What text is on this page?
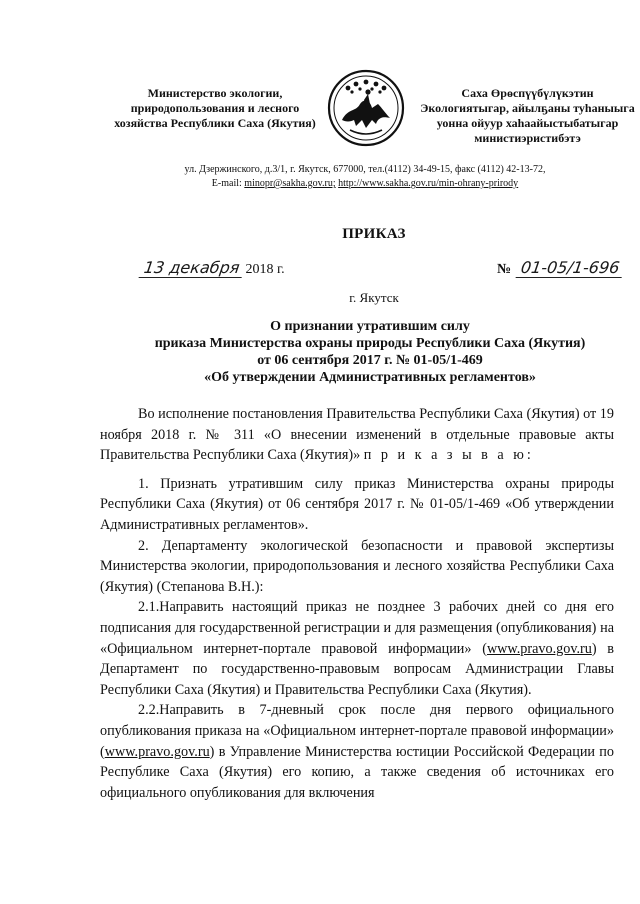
Министерство экологии,
природопользования и лесного
хозяйства Республики Саха (Якутия)
Саха Өрөспүүбүлүкэтин
Экологиятыгар, айылҕаны туһаныыга
уонна ойуур хаһаайыстыбатыгар
министиэристибэтэ
ул. Дзержинского, д.3/1, г. Якутск, 677000, тел.(4112) 34-49-15, факс (4112) 42-13-72,
E-mail: minopr@sakha.gov.ru; http://www.sakha.gov.ru/min-ohrany-prirody
ПРИКАЗ
13 декабря 2018 г.	№ 01-05/1-696
г. Якутск
О признании утратившим силу
приказа Министерства охраны природы Республики Саха (Якутия)
от 06 сентября 2017 г. № 01-05/1-469
«Об утверждении Административных регламентов»

Во исполнение постановления Правительства Республики Саха (Якутия) от 19 ноября 2018 г. № 311 «О внесении изменений в отдельные правовые акты Правительства Республики Саха (Якутия)» п р и к а з ы в а ю:

1. Признать утратившим силу приказ Министерства охраны природы Республики Саха (Якутия) от 06 сентября 2017 г. № 01-05/1-469 «Об утверждении Административных регламентов».

2. Департаменту экологической безопасности и правовой экспертизы Министерства экологии, природопользования и лесного хозяйства Республики Саха (Якутия) (Степанова В.Н.):

2.1.Направить настоящий приказ не позднее 3 рабочих дней со дня его подписания для государственной регистрации и для размещения (опубликования) на «Официальном интернет-портале правовой информации» (www.pravo.gov.ru) в Департамент по государственно-правовым вопросам Администрации Главы Республики Саха (Якутия) и Правительства Республики Саха (Якутия).

2.2.Направить в 7-дневный срок после дня первого официального опубликования приказа на «Официальном интернет-портале правовой информации» (www.pravo.gov.ru) в Управление Министерства юстиции Российской Федерации по Республике Саха (Якутия) его копию, а также сведения об источниках его официального опубликования для включения
